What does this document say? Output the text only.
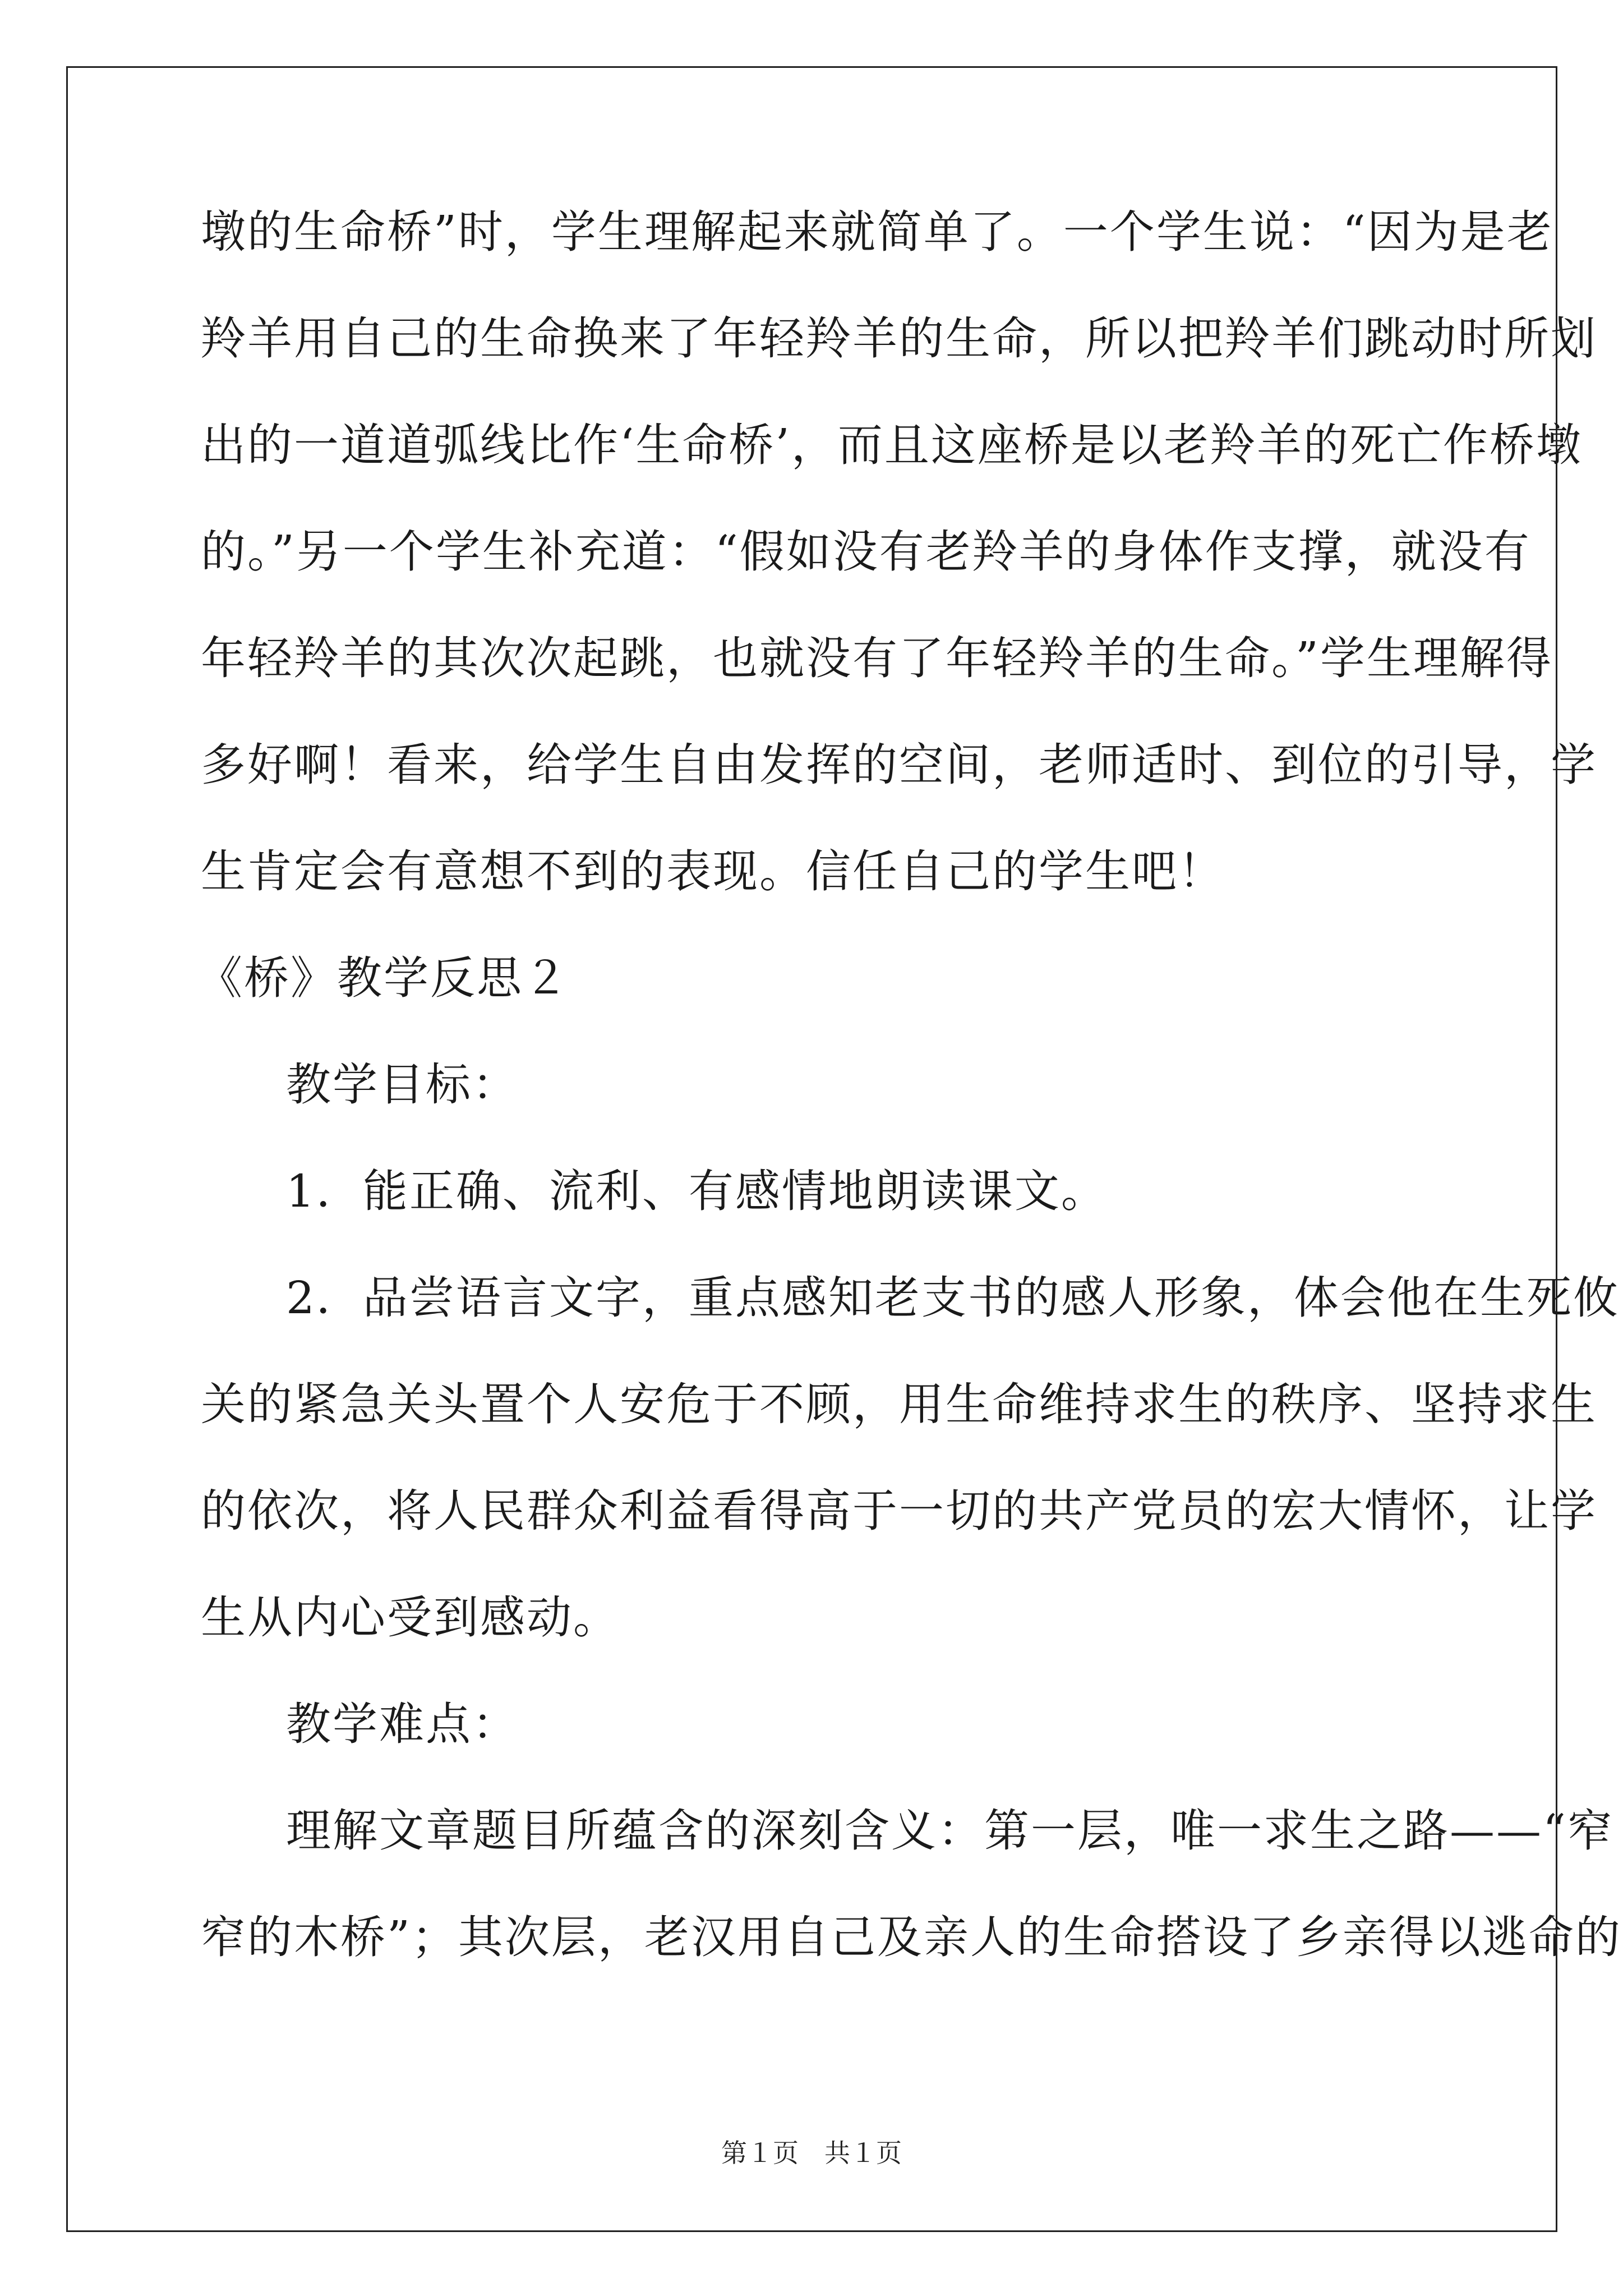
墩的生命桥”时，学生理解起来就简单了。一个学生说：“因为是老
羚羊用自己的生命换来了年轻羚羊的生命，所以把羚羊们跳动时所划
出的一道道弧线比作‘生命桥’，而且这座桥是以老羚羊的死亡作桥墩
的。”另一个学生补充道：“假如没有老羚羊的身体作支撑，就没有
年轻羚羊的其次次起跳，也就没有了年轻羚羊的生命。”学生理解得
多好啊！看来，给学生自由发挥的空间，老师适时、到位的引导，学
生肯定会有意想不到的表现。信任自己的学生吧！
《桥》教学反思２
教学目标：
1．能正确、流利、有感情地朗读课文。
2．品尝语言文字，重点感知老支书的感人形象，体会他在生死攸
关的紧急关头置个人安危于不顾，用生命维持求生的秩序、坚持求生
的依次，将人民群众利益看得高于一切的共产党员的宏大情怀，让学
生从内心受到感动。
教学难点：
理解文章题目所蕴含的深刻含义：第一层，唯一求生之路——“窄
窄的木桥”；其次层，老汉用自己及亲人的生命搭设了乡亲得以逃命的
第１页　共１页
